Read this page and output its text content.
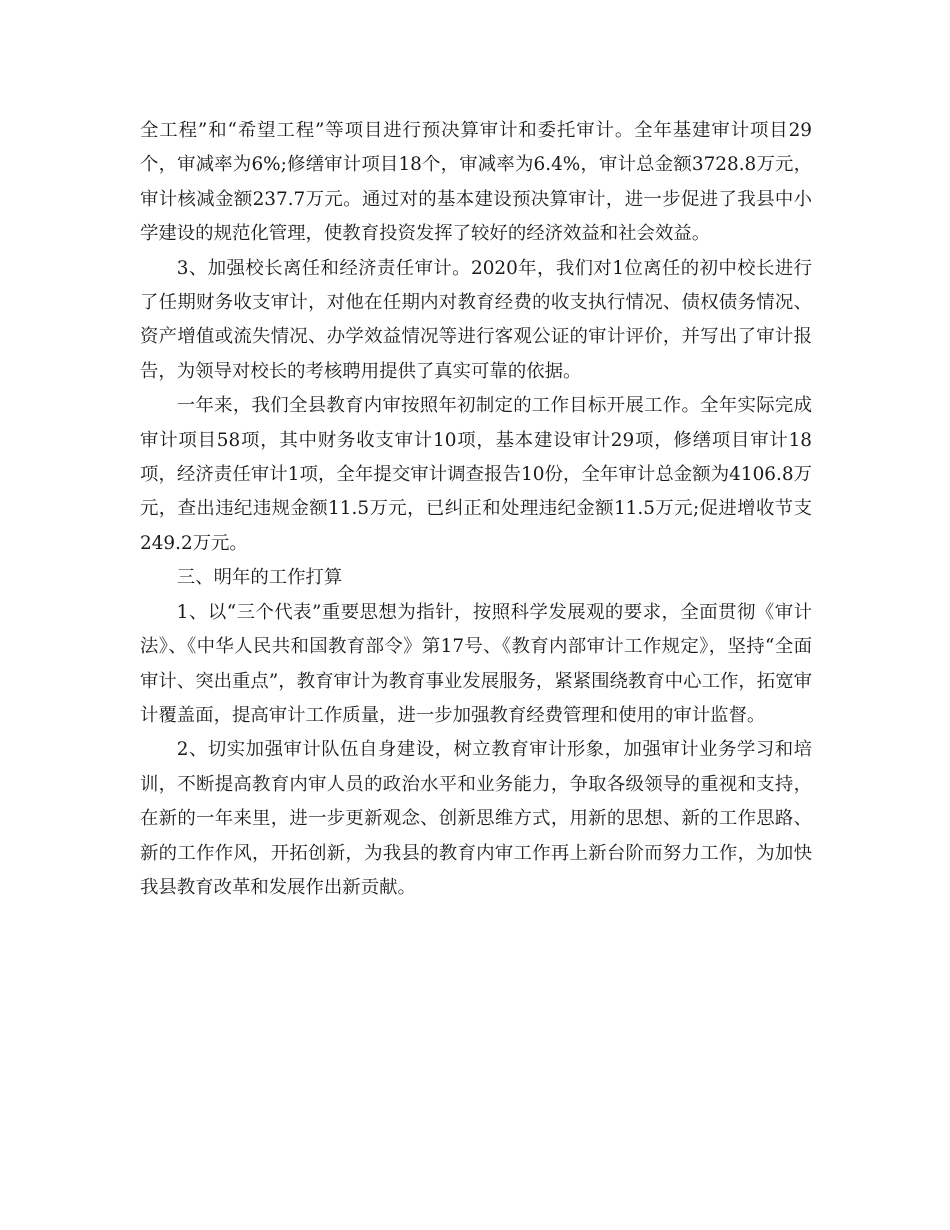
全工程”和“希望工程”等项目进行预决算审计和委托审计。全年基建审计项目29个，审减率为6%;修缮审计项目18个，审减率为6.4%，审计总金额3728.8万元，审计核减金额237.7万元。通过对的基本建设预决算审计，进一步促进了我县中小学建设的规范化管理，使教育投资发挥了较好的经济效益和社会效益。

3、加强校长离任和经济责任审计。2020年，我们对1位离任的初中校长进行了任期财务收支审计，对他在任期内对教育经费的收支执行情况、债权债务情况、资产增值或流失情况、办学效益情况等进行客观公证的审计评价，并写出了审计报告，为领导对校长的考核聘用提供了真实可靠的依据。

一年来，我们全县教育内审按照年初制定的工作目标开展工作。全年实际完成审计项目58项，其中财务收支审计10项，基本建设审计29项，修缮项目审计18项，经济责任审计1项，全年提交审计调查报告10份，全年审计总金额为4106.8万元，查出违纪违规金额11.5万元，已纠正和处理违纪金额11.5万元;促进增收节支249.2万元。

三、明年的工作打算

1、以“三个代表”重要思想为指针，按照科学发展观的要求，全面贯彻《审计法》、《中华人民共和国教育部令》第17号、《教育内部审计工作规定》，坚持“全面审计、突出重点”，教育审计为教育事业发展服务，紧紧围绕教育中心工作，拓宽审计覆盖面，提高审计工作质量，进一步加强教育经费管理和使用的审计监督。

2、切实加强审计队伍自身建设，树立教育审计形象，加强审计业务学习和培训，不断提高教育内审人员的政治水平和业务能力，争取各级领导的重视和支持，在新的一年来里，进一步更新观念、创新思维方式，用新的思想、新的工作思路、新的工作作风，开拓创新，为我县的教育内审工作再上新台阶而努力工作，为加快我县教育改革和发展作出新贡献。
